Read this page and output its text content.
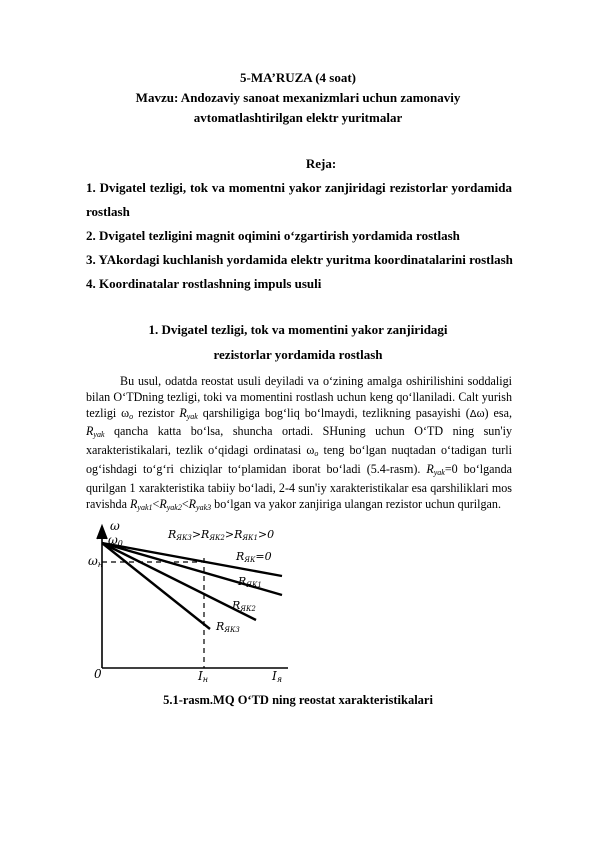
5-MA’RUZA (4 soat)
Mavzu: Andozaviy sanoat mexanizmlari uchun zamonaviy
avtomatlashtirilgan elektr yuritmalar
Reja:
1. Dvigatel tezligi, tok va momentni yakor zanjiridagi rezistorlar yordamida
rostlash
2. Dvigatel tezligini magnit oqimini o‘zgartirish yordamida rostlash
3. YAkordagi kuchlanish yordamida elektr yuritma koordinatalarini rostlash
4. Koordinatalar rostlashning impuls usuli
1. Dvigatel tezligi, tok va momentini yakor zanjiridagi
rezistorlar yordamida rostlash

Bu usul, odatda reostat usuli deyiladi va o‘zining amalga oshirilishini soddaligi bilan O‘TDning tezligi, toki va momentini rostlash uchun keng qo‘llaniladi. Calt yurish tezligi $\omega_o$ rezistor $R_{yak}$ qarshiligiga bog‘liq bo‘lmaydi, tezlikning pasayishi (Δω) esa, $R_{yak}$ qancha katta bo‘lsa, shuncha ortadi. SHuning uchun O‘TD ning sun'iy xarakteristikalari, tezlik o‘qidagi ordinatasi $\omega_o$ teng bo‘lgan nuqtadan o‘tadigan turli og‘ishdagi to‘g‘ri chiziqlar to‘plamidan iborat bo‘ladi (5.4-rasm). $R_{yak}=0$ bo‘lganda qurilgan 1 xarakteristika tabiiy bo‘ladi, 2-4 sun'iy xarakteristikalar esa qarshiliklari mos ravishda $R_{yak1}<R_{yak2}<R_{yak3}$ bo‘lgan va yakor zanjiriga ulangan rezistor uchun qurilgan.

RЯК3>RЯК2>RЯК1>0
ω
ω0
ωн
0	Iн	Iя
RЯК=0
RЯК1
RЯК2
RЯК3
5.1-rasm.MQ O‘TD ning reostat xarakteristikalari
